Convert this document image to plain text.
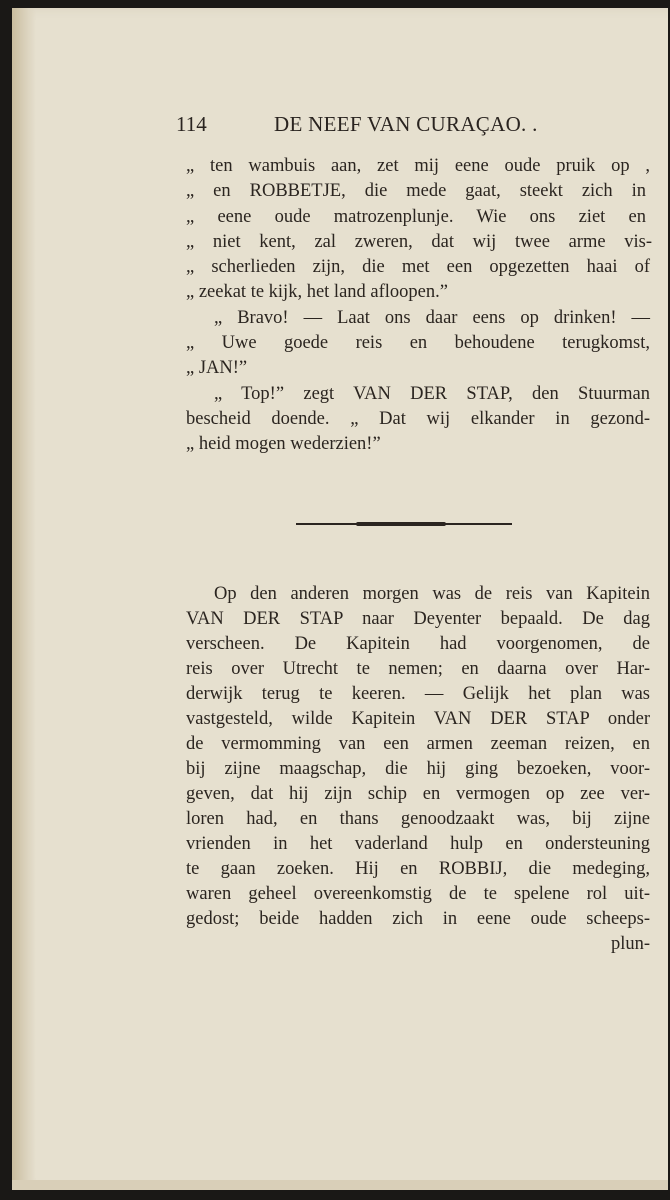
114	DE NEEF VAN CURAÇAO. .
„ ten wambuis aan, zet mij eene oude pruik op ,
„ en ROBBETJE, die mede gaat, steekt zich in
„ eene oude matrozenplunje. Wie ons ziet en
„ niet kent, zal zweren, dat wij twee arme vis-
„ scherlieden zijn, die met een opgezetten haai of
„ zeekat te kijk, het land afloopen.”
„ Bravo! — Laat ons daar eens op drinken! —
„ Uwe goede reis en behoudene terugkomst,
„ JAN!”
„ Top!” zegt VAN DER STAP, den Stuurman
bescheid doende. „ Dat wij elkander in gezond-
„ heid mogen wederzien!”
Op den anderen morgen was de reis van Kapitein
VAN DER STAP naar Deyenter bepaald. De dag
verscheen. De Kapitein had voorgenomen, de
reis over Utrecht te nemen; en daarna over Har-
derwijk terug te keeren. — Gelijk het plan was
vastgesteld, wilde Kapitein VAN DER STAP onder
de vermomming van een armen zeeman reizen, en
bij zijne maagschap, die hij ging bezoeken, voor-
geven, dat hij zijn schip en vermogen op zee ver-
loren had, en thans genoodzaakt was, bij zijne
vrienden in het vaderland hulp en ondersteuning
te gaan zoeken. Hij en ROBBIJ, die medeging,
waren geheel overeenkomstig de te spelene rol uit-
gedost; beide hadden zich in eene oude scheeps-
plun-
